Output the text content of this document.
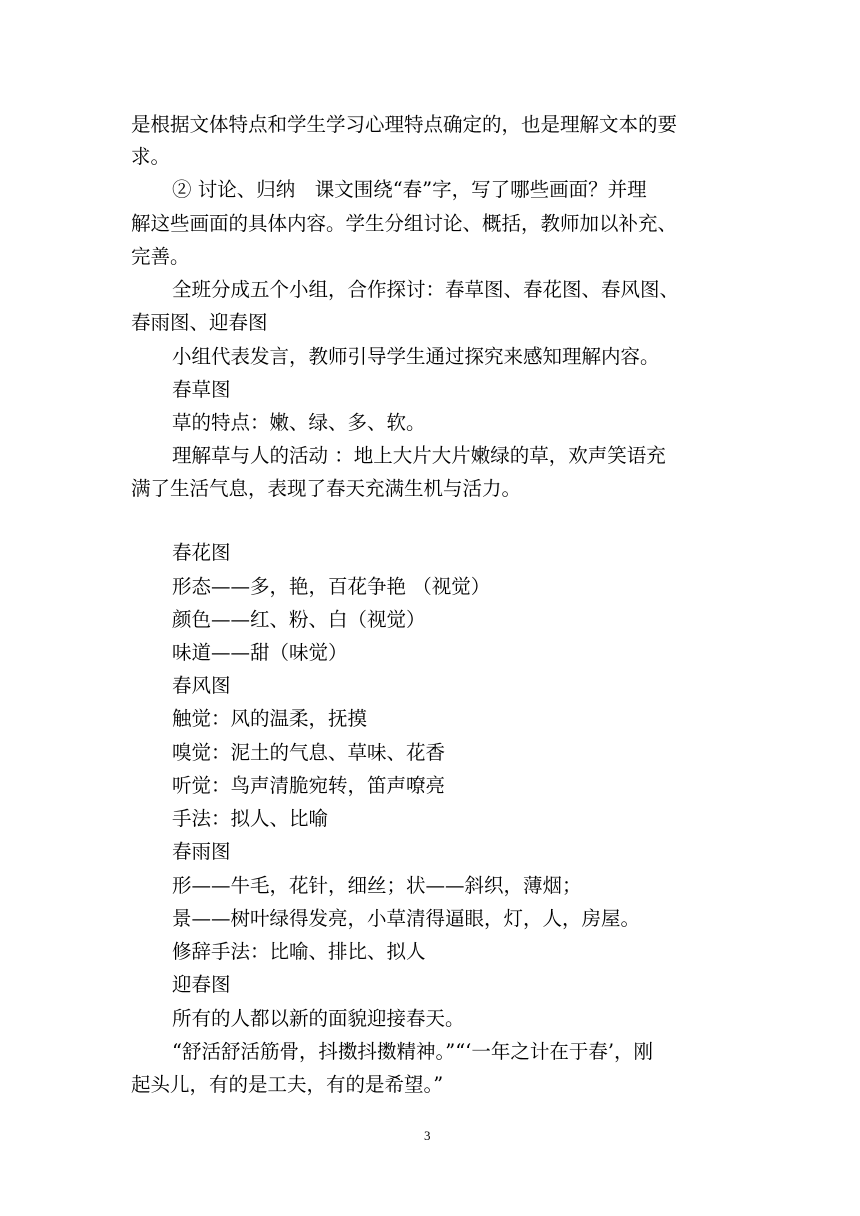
是根据文体特点和学生学习心理特点确定的，也是理解文本的要
求。
② 讨论、归纳　课文围绕“春”字，写了哪些画面？并理
解这些画面的具体内容。学生分组讨论、概括，教师加以补充、
完善。
全班分成五个小组，合作探讨：春草图、春花图、春风图、
春雨图、迎春图
小组代表发言，教师引导学生通过探究来感知理解内容。
春草图
草的特点：嫩、绿、多、软。
理解草与人的活动 ：地上大片大片嫩绿的草，欢声笑语充
满了生活气息，表现了春天充满生机与活力。
春花图
形态——多，艳，百花争艳 （视觉）
颜色——红、粉、白（视觉）
味道——甜（味觉）
春风图
触觉：风的温柔，抚摸
嗅觉：泥土的气息、草味、花香
听觉：鸟声清脆宛转，笛声嘹亮
手法：拟人、比喻
春雨图
形——牛毛，花针，细丝；状——斜织，薄烟；
景——树叶绿得发亮，小草清得逼眼，灯，人，房屋。
修辞手法：比喻、排比、拟人
迎春图
所有的人都以新的面貌迎接春天。
“舒活舒活筋骨，抖擞抖擞精神。”“‘一年之计在于春’，刚
起头儿，有的是工夫，有的是希望。”
3
